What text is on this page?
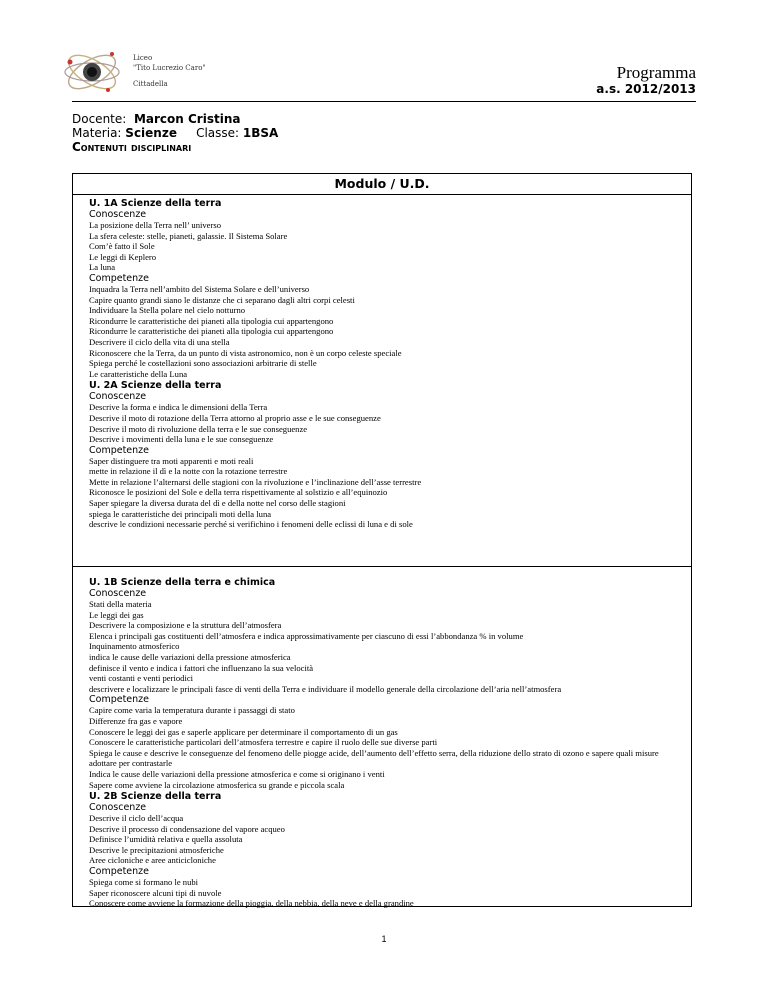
Liceo
"Tito Lucrezio Caro"
Cittadella
Programma
a.s. 2012/2013
Docente: Marcon Cristina
Materia: Scienze Classe: 1BSA
Contenuti disciplinari
Modulo / U.D.
U. 1A Scienze della terra
Conoscenze
La posizione della Terra nell’ universo
La sfera celeste: stelle, pianeti, galassie. Il Sistema Solare
Com’è fatto il Sole
Le leggi di Keplero
La luna
Competenze
Inquadra la Terra nell’ambito del Sistema Solare e dell’universo
Capire quanto grandi siano le distanze che ci separano dagli altri corpi celesti
Individuare la Stella polare nel cielo notturno
Ricondurre le caratteristiche dei pianeti alla tipologia cui appartengono
Ricondurre le caratteristiche dei pianeti alla tipologia cui appartengono
Descrivere il ciclo della vita di una stella
Riconoscere che la Terra, da un punto di vista astronomico, non è un corpo celeste speciale
Spiega perché le costellazioni sono associazioni arbitrarie di stelle
Le caratteristiche della Luna
U. 2A Scienze della terra
Conoscenze
Descrive la forma e indica le dimensioni della Terra
Descrive il moto di rotazione della Terra attorno al proprio asse e le sue conseguenze
Descrive il moto di rivoluzione della terra e le sue conseguenze
Descrive i movimenti della luna e le sue conseguenze
Competenze
Saper distinguere tra moti apparenti e moti reali
mette in relazione il dì e la notte con la rotazione terrestre
Mette in relazione l’alternarsi delle stagioni con la rivoluzione e l’inclinazione dell’asse terrestre
Riconosce le posizioni del Sole e della terra rispettivamente al solstizio e all’equinozio
Saper spiegare la diversa durata del dì e della notte nel corso delle stagioni
spiega le caratteristiche dei principali moti della luna
descrive le condizioni necessarie perché si verifichino i fenomeni delle eclissi di luna e di sole
U. 1B Scienze della terra e chimica
Conoscenze
Stati della materia
Le leggi dei gas
Descrivere la composizione e la struttura dell’atmosfera
Elenca i principali gas costituenti dell’atmosfera e indica approssimativamente per ciascuno di essi l’abbondanza % in volume
Inquinamento atmosferico
indica le cause delle variazioni della pressione atmosferica
definisce il vento e indica i fattori che influenzano la sua velocità
venti costanti e venti periodici
descrivere e localizzare le principali fasce di venti della Terra e individuare il modello generale della circolazione dell’aria nell’atmosfera
Competenze
Capire come varia la temperatura durante i passaggi di stato
Differenze fra gas e vapore
Conoscere le leggi dei gas e saperle applicare per determinare il comportamento di un gas
Conoscere le caratteristiche particolari dell’atmosfera terrestre e capire il ruolo delle sue diverse parti
Spiega le cause e descrive le conseguenze del fenomeno delle piogge acide, dell’aumento dell’effetto serra, della riduzione dello strato di ozono e sapere quali misure adottare per contrastarle
Indica le cause delle variazioni della pressione atmosferica e come si originano i venti
Sapere come avviene la circolazione atmosferica su grande e piccola scala
U. 2B Scienze della terra
Conoscenze
Descrive il ciclo dell’acqua
Descrive il processo di condensazione del vapore acqueo
Definisce l’umidità relativa e quella assoluta
Descrive le precipitazioni atmosferiche
Aree cicloniche e aree anticicloniche
Competenze
Spiega come si formano le nubi
Saper riconoscere alcuni tipi di nuvole
Conoscere come avviene la formazione della pioggia, della nebbia, della neve e della grandine
1
